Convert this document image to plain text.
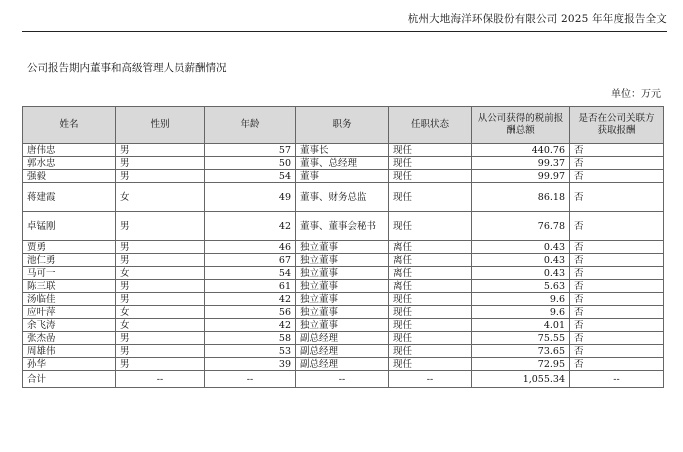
杭州大地海洋环保股份有限公司 2025 年年度报告全文
公司报告期内董事和高级管理人员薪酬情况
单位：万元
姓名	性别	年龄	职务	任职状态	从公司获得的税前报酬总额	是否在公司关联方获取报酬
唐伟忠	男	57	董事长	现任	440.76	否
郭水忠	男	50	董事、总经理	现任	99.37	否
强毅	男	54	董事	现任	99.97	否
蒋建霞	女	49	董事、财务总监	现任	86.18	否
卓锰刚	男	42	董事、董事会秘书	现任	76.78	否
贾勇	男	46	独立董事	离任	0.43	否
池仁勇	男	67	独立董事	离任	0.43	否
马可一	女	54	独立董事	离任	0.43	否
陈三联	男	61	独立董事	离任	5.63	否
汤临佳	男	42	独立董事	现任	9.6	否
应叶萍	女	56	独立董事	现任	9.6	否
余飞涛	女	42	独立董事	现任	4.01	否
张杰嵒	男	58	副总经理	现任	75.55	否
周雄伟	男	53	副总经理	现任	73.65	否
孙华	男	39	副总经理	现任	72.95	否
合计	--	--	--	--	1,055.34	--
